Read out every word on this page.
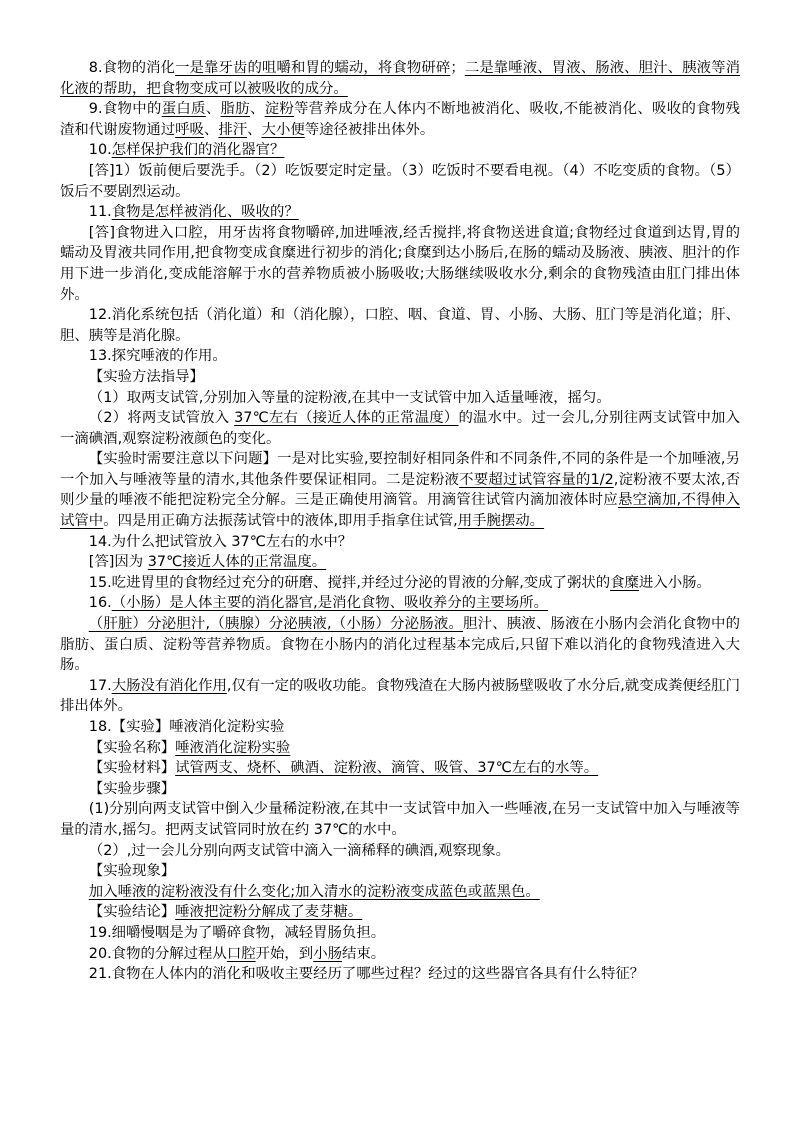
8.食物的消化一是靠牙齿的咀嚼和胃的蠕动，将食物研碎；二是靠唾液、胃液、肠液、胆汁、胰液等消化液的帮助，把食物变成可以被吸收的成分。

9.食物中的蛋白质、脂肪、淀粉等营养成分在人体内不断地被消化、吸收,不能被消化、吸收的食物残渣和代谢废物通过呼吸、排汗、大小便等途径被排出体外。

10.怎样保护我们的消化器官？

[答]1）饭前便后要洗手。（2）吃饭要定时定量。（3）吃饭时不要看电视。（4）不吃变质的食物。（5）饭后不要剧烈运动。

11.食物是怎样被消化、吸收的？

[答]食物进入口腔，用牙齿将食物嚼碎,加进唾液,经舌搅拌,将食物送进食道;食物经过食道到达胃,胃的蠕动及胃液共同作用,把食物变成食糜进行初步的消化;食糜到达小肠后,在肠的蠕动及肠液、胰液、胆汁的作用下进一步消化,变成能溶解于水的营养物质被小肠吸收;大肠继续吸收水分,剩余的食物残渣由肛门排出体外。

12.消化系统包括（消化道）和（消化腺），口腔、咽、食道、胃、小肠、大肠、肛门等是消化道；肝、胆、胰等是消化腺。

13.探究唾液的作用。

【实验方法指导】

（1）取两支试管,分别加入等量的淀粉液,在其中一支试管中加入适量唾液，摇匀。

（2）将两支试管放入 37℃左右（接近人体的正常温度）的温水中。过一会儿,分别往两支试管中加入一滴碘酒,观察淀粉液颜色的变化。

【实验时需要注意以下问题】一是对比实验,要控制好相同条件和不同条件,不同的条件是一个加唾液,另一个加入与唾液等量的清水,其他条件要保证相同。二是淀粉液不要超过试管容量的1/2,淀粉液不要太浓,否则少量的唾液不能把淀粉完全分解。三是正确使用滴管。用滴管往试管内滴加液体时应悬空滴加,不得伸入试管中。四是用正确方法振荡试管中的液体,即用手指拿住试管,用手腕摆动。

14.为什么把试管放入 37℃左右的水中？

[答]因为 37℃接近人体的正常温度。

15.吃进胃里的食物经过充分的研磨、搅拌,并经过分泌的胃液的分解,变成了粥状的食糜进入小肠。

16.（小肠）是人体主要的消化器官,是消化食物、吸收养分的主要场所。

（肝脏）分泌胆汁,（胰腺）分泌胰液,（小肠）分泌肠液。胆汁、胰液、肠液在小肠内会消化食物中的脂肪、蛋白质、淀粉等营养物质。食物在小肠内的消化过程基本完成后,只留下难以消化的食物残渣进入大肠。

17.大肠没有消化作用,仅有一定的吸收功能。食物残渣在大肠内被肠壁吸收了水分后,就变成粪便经肛门排出体外。

18.【实验】唾液消化淀粉实验

【实验名称】唾液消化淀粉实验

【实验材料】试管两支、烧杯、碘酒、淀粉液、滴管、吸管、37℃左右的水等。

【实验步骤】

(1)分别向两支试管中倒入少量稀淀粉液,在其中一支试管中加入一些唾液,在另一支试管中加入与唾液等量的清水,摇匀。把两支试管同时放在约 37℃的水中。

（2）,过一会儿分别向两支试管中滴入一滴稀释的碘酒,观察现象。

【实验现象】

加入唾液的淀粉液没有什么变化;加入清水的淀粉液变成蓝色或蓝黑色。

【实验结论】唾液把淀粉分解成了麦芽糖。

19.细嚼慢咽是为了嚼碎食物，减轻胃肠负担。

20.食物的分解过程从口腔开始，到小肠结束。

21.食物在人体内的消化和吸收主要经历了哪些过程？经过的这些器官各具有什么特征？
